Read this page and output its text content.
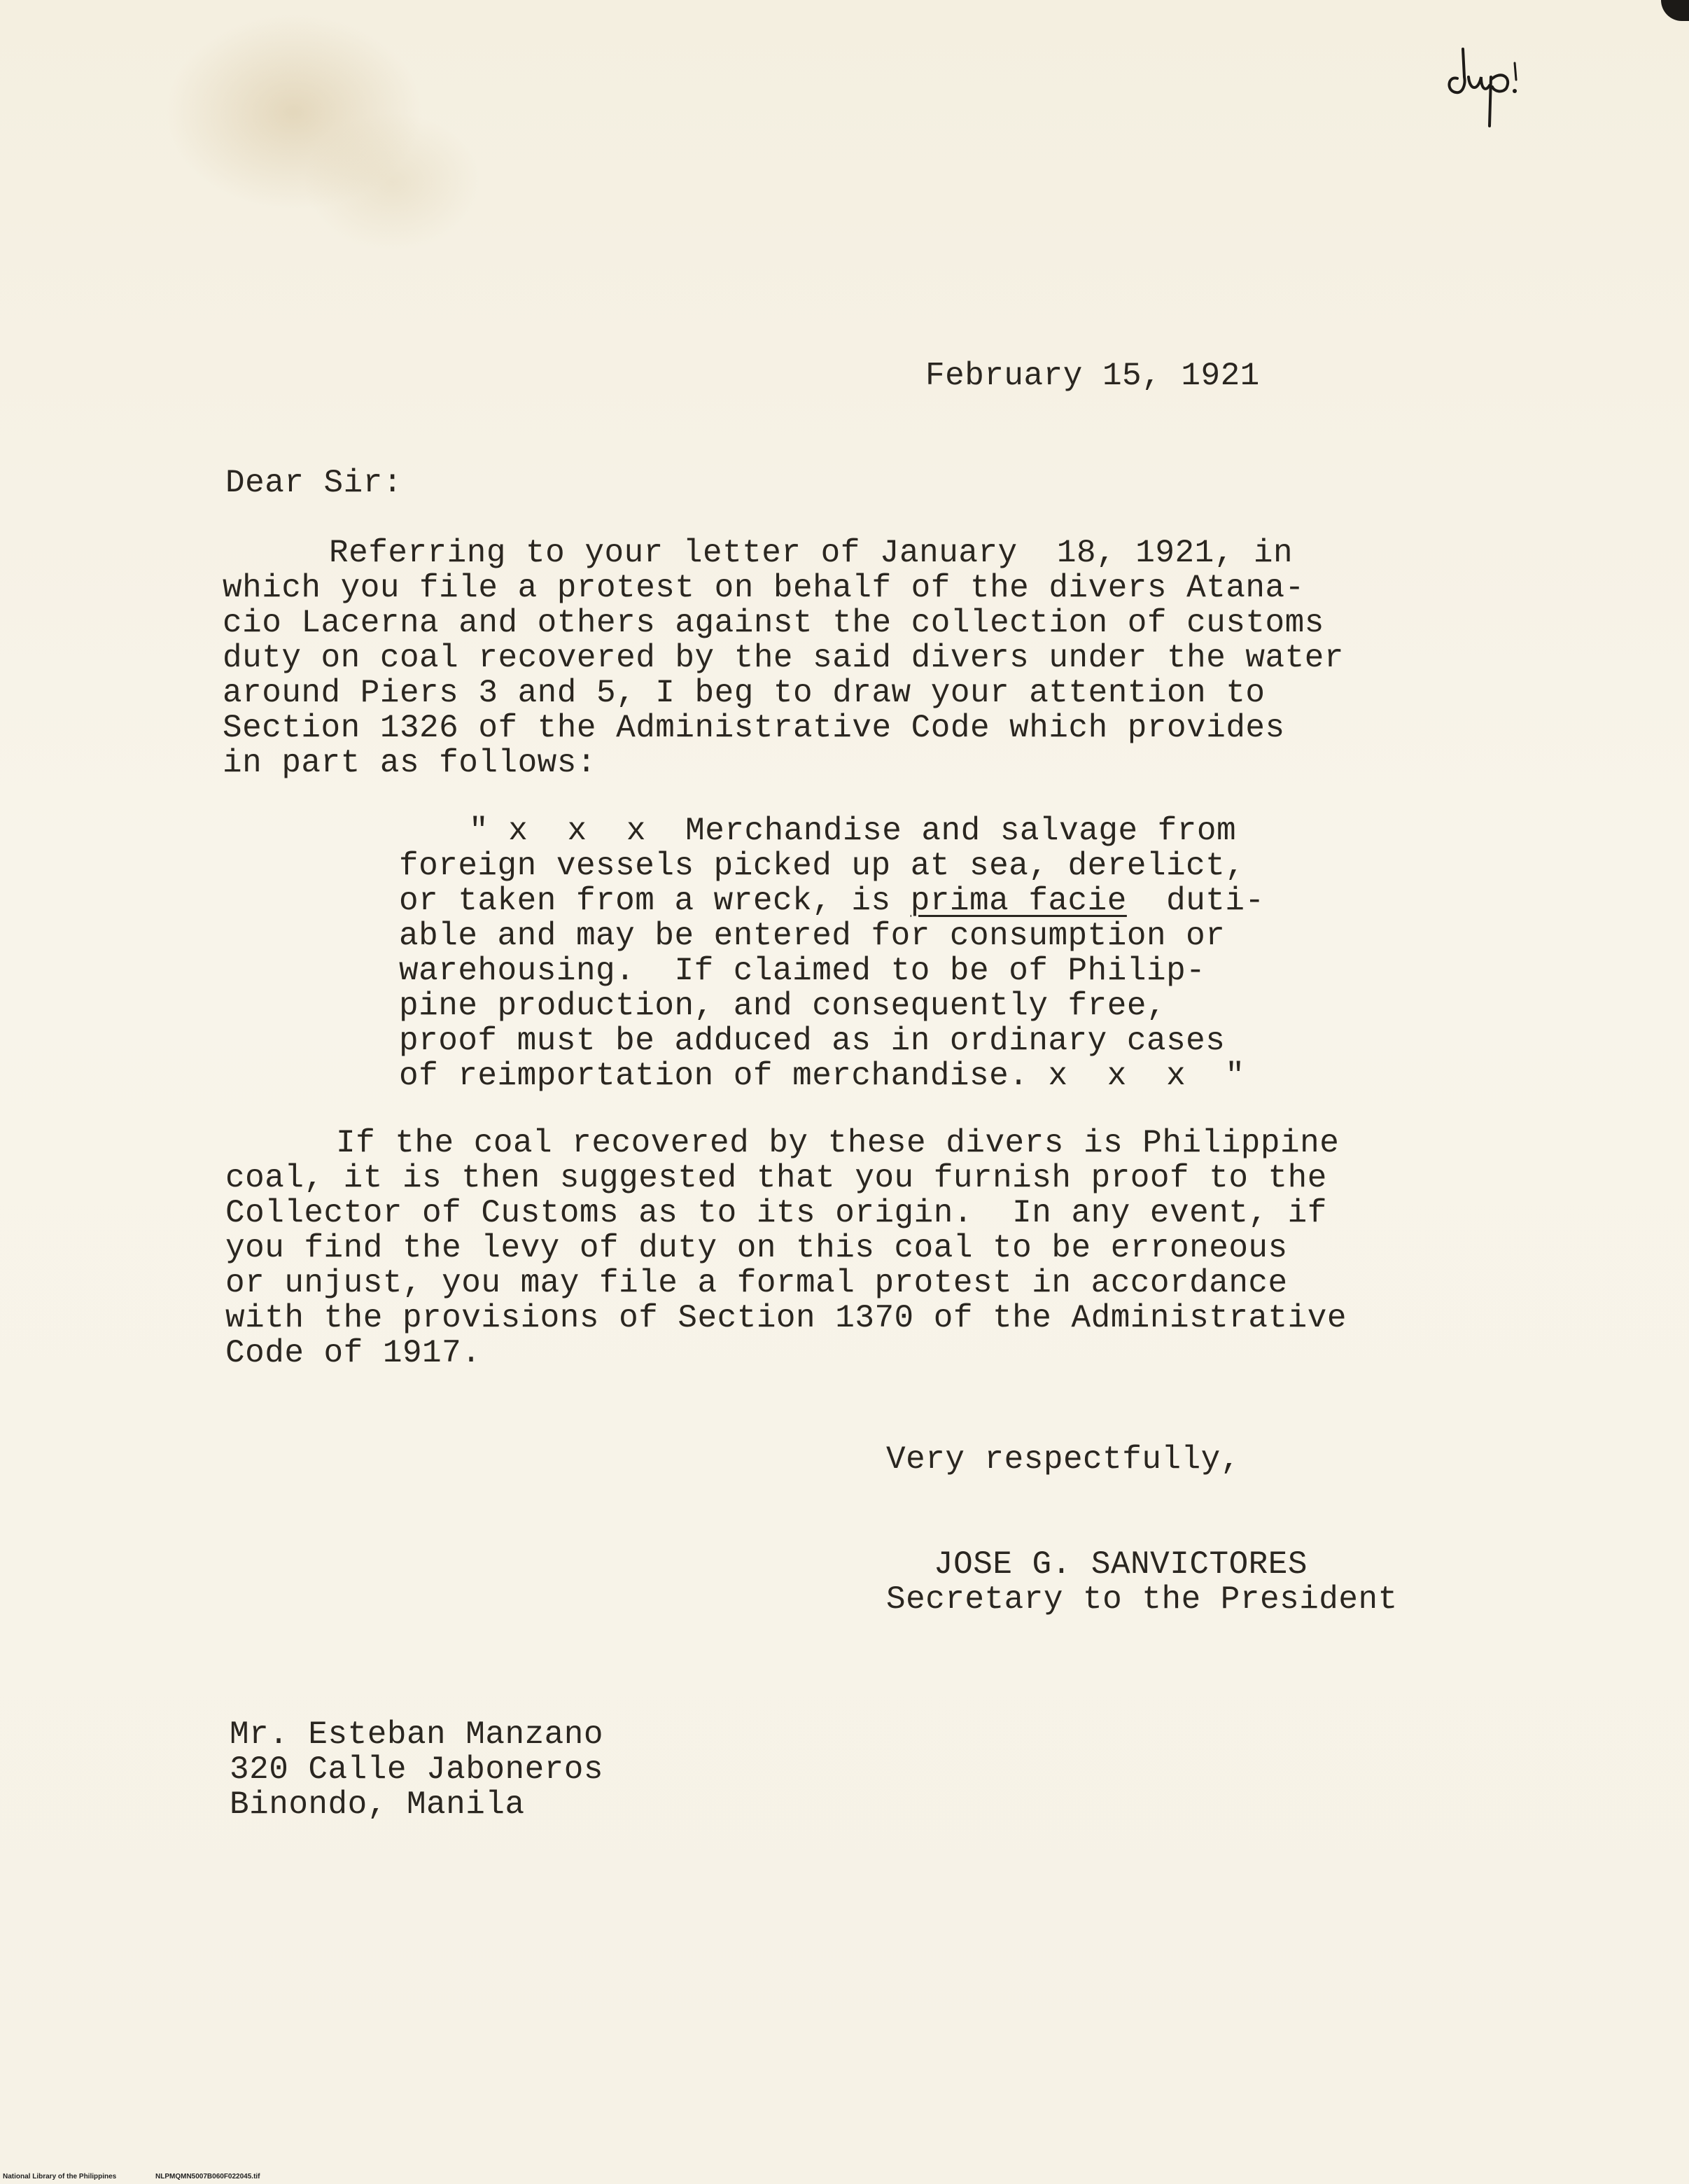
February 15, 1921
Dear Sir:
Referring to your letter of January  18, 1921, in
which you file a protest on behalf of the divers Atana-
cio Lacerna and others against the collection of customs
duty on coal recovered by the said divers under the water
around Piers 3 and 5, I beg to draw your attention to
Section 1326 of the Administrative Code which provides
in part as follows:
" x  x  x  Merchandise and salvage from
foreign vessels picked up at sea, derelict,
or taken from a wreck, is prima facie  duti-
able and may be entered for consumption or
warehousing.  If claimed to be of Philip-
pine production, and consequently free,
proof must be adduced as in ordinary cases
of reimportation of merchandise. x  x  x  "
If the coal recovered by these divers is Philippine
coal, it is then suggested that you furnish proof to the
Collector of Customs as to its origin.  In any event, if
you find the levy of duty on this coal to be erroneous
or unjust, you may file a formal protest in accordance
with the provisions of Section 1370 of the Administrative
Code of 1917.
Very respectfully,
JOSE G. SANVICTORES
Secretary to the President
Mr. Esteban Manzano
320 Calle Jaboneros
Binondo, Manila
National Library of the Philippines	NLPMQMN5007B060F022045.tif
